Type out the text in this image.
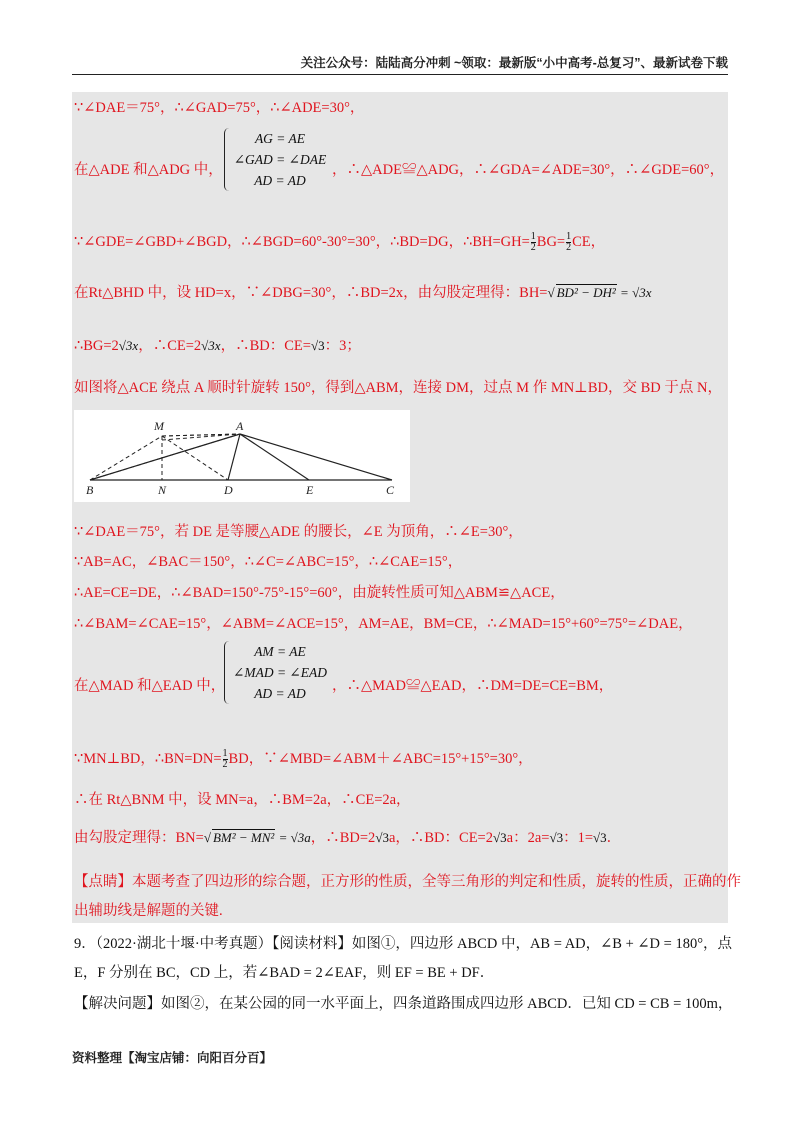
关注公众号：陆陆高分冲刺 ~领取：最新版“小中高考-总复习”、最新试卷下载
∵∠DAE＝75°，∴∠GAD=75°，∴∠ADE=30°，
在△ADE 和△ADG 中，
AG = AE
∠GAD = ∠DAE
AD = AD
，∴△ADE≌△ADG，∴∠GDA=∠ADE=30°，∴∠GDE=60°，
∵∠GDE=∠GBD+∠BGD，∴∠BGD=60°-30°=30°，∴BD=DG，∴BH=GH= $\frac{1}{2} BG= \frac{1}{2}$ CE，
在Rt△BHD 中，设 HD=x，∵∠DBG=30°，∴BD=2x，由勾股定理得：BH=√ BD² − DH² = √3x
∴BG=2√3x，∴CE=2√3x，∴BD：CE=√3：3；
如图将△ACE 绕点 A 顺时针旋转 150°，得到△ABM，连接 DM，过点 M 作 MN⊥BD，交 BD 于点 N，
M	A
B	N	D	E	C
∵∠DAE＝75°，若 DE 是等腰△ADE 的腰长，∠E 为顶角，∴∠E=30°，
∵AB=AC，∠BAC＝150°，∴∠C=∠ABC=15°，∴∠CAE=15°，
∴AE=CE=DE，∴∠BAD=150°-75°-15°=60°，由旋转性质可知△ABM≌△ACE，
∴∠BAM=∠CAE=15°，∠ABM=∠ACE=15°，AM=AE，BM=CE，∴∠MAD=15°+60°=75°=∠DAE，
在△MAD 和△EAD 中，
AM = AE
∠MAD = ∠EAD
AD = AD	，∴△MAD≌△EAD，∴DM=DE=CE=BM，
∵MN⊥BD，∴BN=DN= $\frac{1}{2}$ BD，∵∠MBD=∠ABM＋∠ABC=15°+15°=30°，
∴在 Rt△BNM 中，设 MN=a，∴BM=2a，∴CE=2a，
由勾股定理得：BN=√ BM² − MN² = √3a，∴BD=2√3a，∴BD：CE=2√3a：2a=√3：1=√3．
【点睛】本题考查了四边形的综合题，正方形的性质，全等三角形的判定和性质，旋转的性质，正确的作
出辅助线是解题的关键.
9．（2022·湖北十堰·中考真题）【阅读材料】如图①，四边形 ABCD 中，AB = AD，∠B + ∠D = 180°，点
E，F 分别在 BC，CD 上，若∠BAD = 2∠EAF，则 EF = BE + DF．
【解决问题】如图②，在某公园的同一水平面上，四条道路围成四边形 ABCD．已知 CD = CB = 100m，
资料整理【淘宝店铺：向阳百分百】
